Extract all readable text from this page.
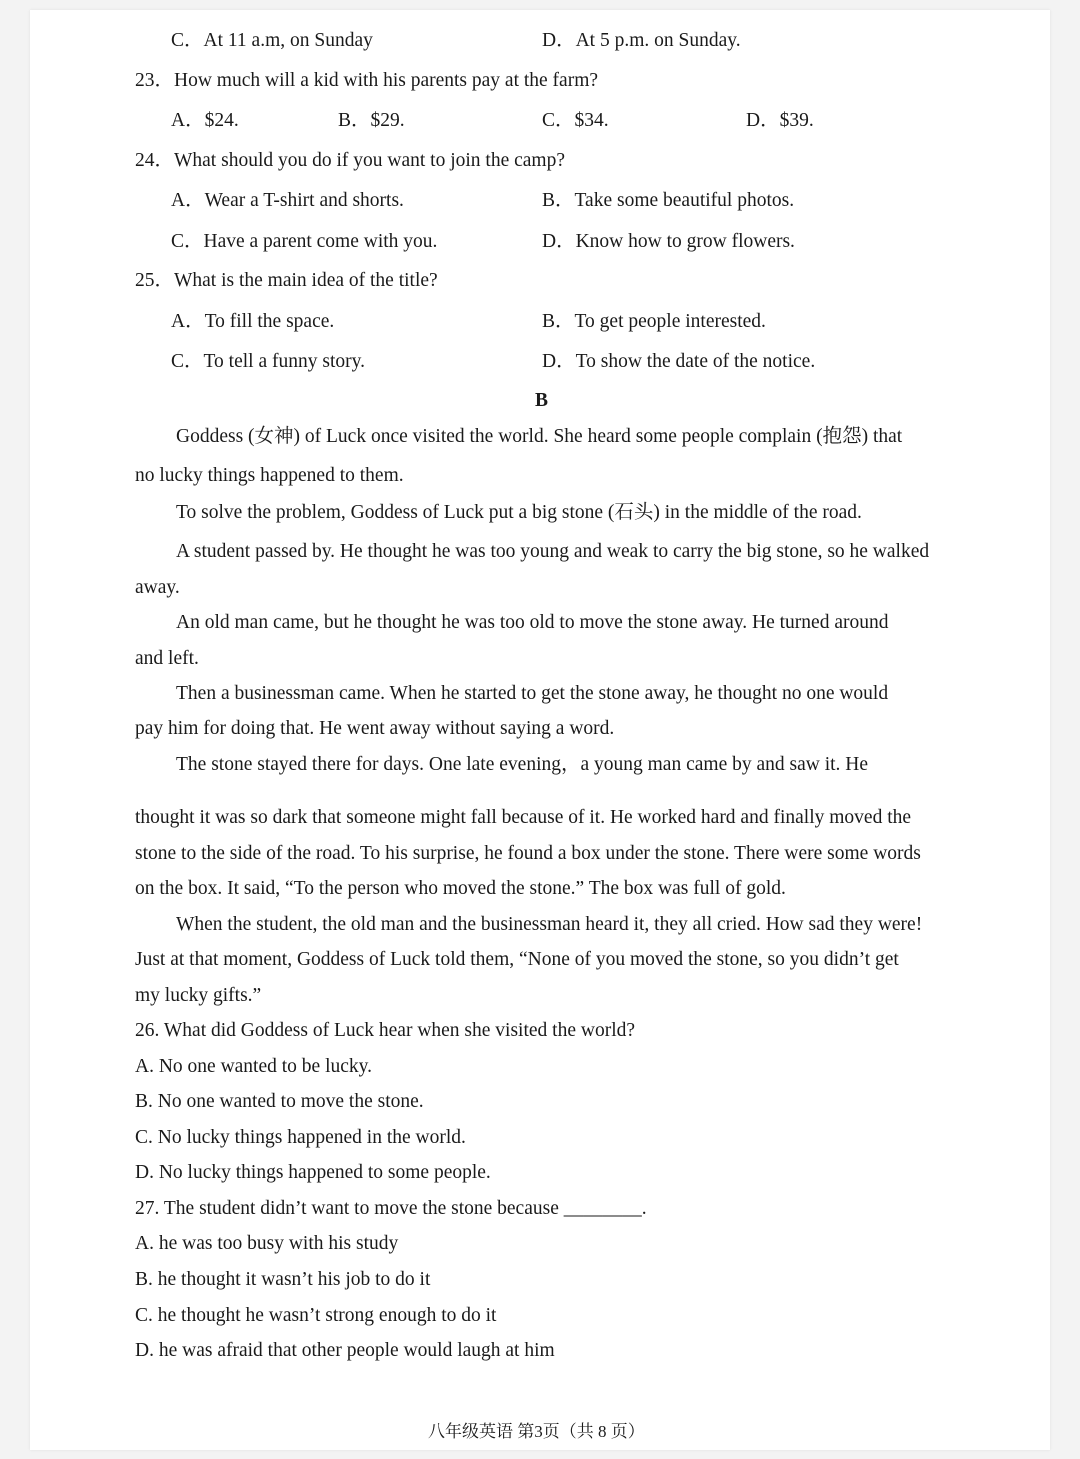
C．At 11 a.m, on Sunday	D．At 5 p.m. on Sunday.
23．How much will a kid with his parents pay at the farm?
A．$24.	B．$29.	C．$34.	D．$39.
24．What should you do if you want to join the camp?
A．Wear a T-shirt and shorts.	B．Take some beautiful photos.
C．Have a parent come with you.	D．Know how to grow flowers.
25．What is the main idea of the title?
A．To fill the space.	B．To get people interested.
C．To tell a funny story.	D．To show the date of the notice.
B
Goddess (女神) of Luck once visited the world. She heard some people complain (抱怨) that
no lucky things happened to them.
To solve the problem, Goddess of Luck put a big stone (石头) in the middle of the road.
A student passed by. He thought he was too young and weak to carry the big stone, so he walked
away.
An old man came, but he thought he was too old to move the stone away. He turned around
and left.
Then a businessman came. When he started to get the stone away, he thought no one would
pay him for doing that. He went away without saying a word.
The stone stayed there for days. One late evening，a young man came by and saw it. He
thought it was so dark that someone might fall because of it. He worked hard and finally moved the
stone to the side of the road. To his surprise, he found a box under the stone. There were some words
on the box. It said, “To the person who moved the stone.” The box was full of gold.
When the student, the old man and the businessman heard it, they all cried. How sad they were!
Just at that moment, Goddess of Luck told them, “None of you moved the stone, so you didn’t get
my lucky gifts.”
26. What did Goddess of Luck hear when she visited the world?
A. No one wanted to be lucky.
B. No one wanted to move the stone.
C. No lucky things happened in the world.
D. No lucky things happened to some people.
27. The student didn’t want to move the stone because ________.
A. he was too busy with his study
B. he thought it wasn’t his job to do it
C. he thought he wasn’t strong enough to do it
D. he was afraid that other people would laugh at him
八年级英语 第3页（共 8 页）
